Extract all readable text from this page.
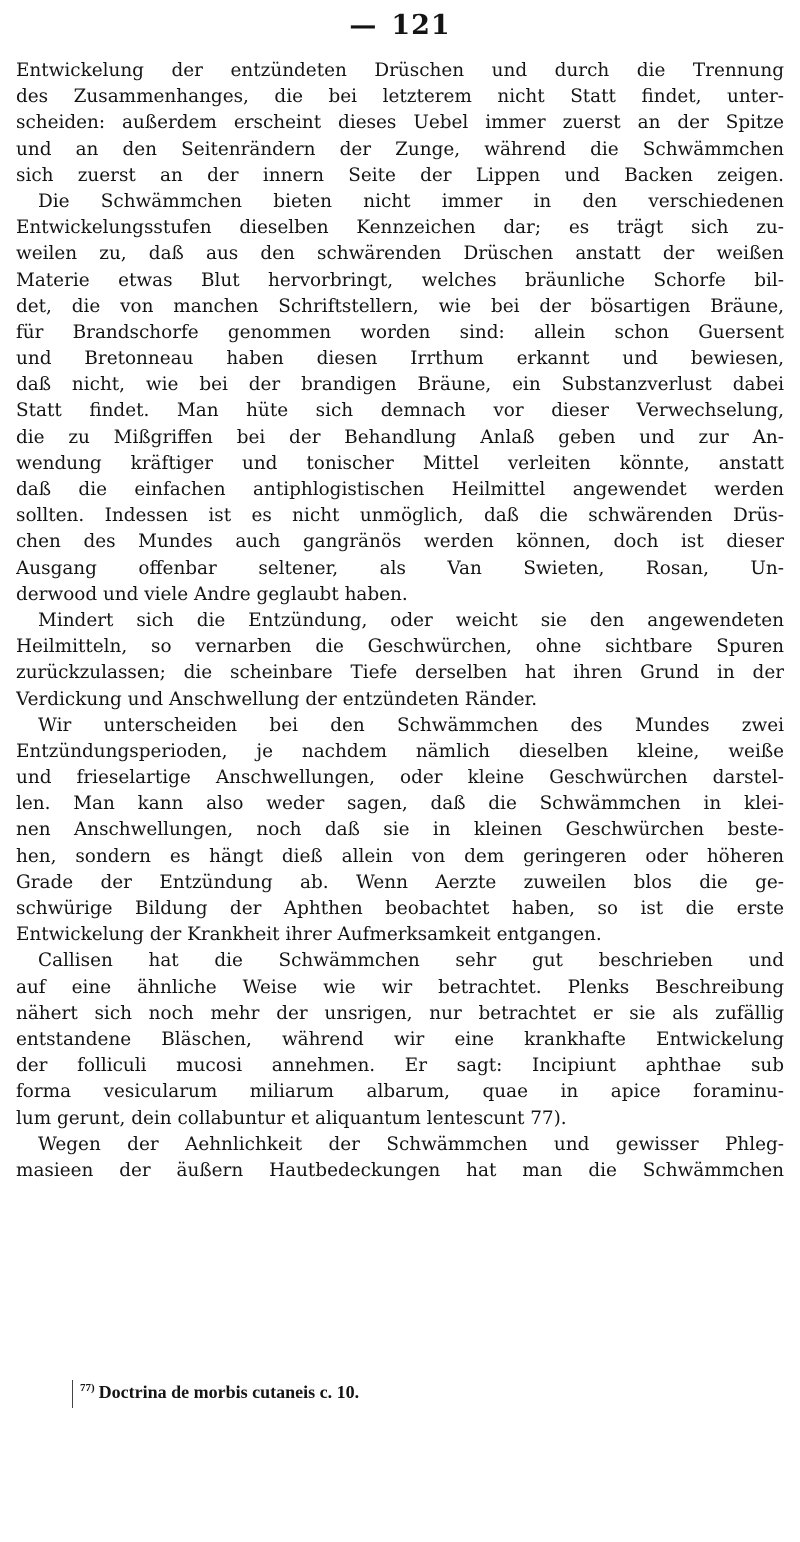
— 121
Entwickelung der entzündeten Drüschen und durch die Trennung
des Zusammenhanges, die bei letzterem nicht Statt findet, unter-
scheiden: außerdem erscheint dieses Uebel immer zuerst an der Spitze
und an den Seitenrändern der Zunge, während die Schwämmchen
sich zuerst an der innern Seite der Lippen und Backen zeigen.
Die Schwämmchen bieten nicht immer in den verschiedenen
Entwickelungsstufen dieselben Kennzeichen dar; es trägt sich zu-
weilen zu, daß aus den schwärenden Drüschen anstatt der weißen
Materie etwas Blut hervorbringt, welches bräunliche Schorfe bil-
det, die von manchen Schriftstellern, wie bei der bösartigen Bräune,
für Brandschorfe genommen worden sind: allein schon Guersent
und Bretonneau haben diesen Irrthum erkannt und bewiesen,
daß nicht, wie bei der brandigen Bräune, ein Substanzverlust dabei
Statt findet. Man hüte sich demnach vor dieser Verwechselung,
die zu Mißgriffen bei der Behandlung Anlaß geben und zur An-
wendung kräftiger und tonischer Mittel verleiten könnte, anstatt
daß die einfachen antiphlogistischen Heilmittel angewendet werden
sollten. Indessen ist es nicht unmöglich, daß die schwärenden Drüs-
chen des Mundes auch gangränös werden können, doch ist dieser
Ausgang offenbar seltener, als Van Swieten, Rosan, Un-
derwood und viele Andre geglaubt haben.
Mindert sich die Entzündung, oder weicht sie den angewendeten
Heilmitteln, so vernarben die Geschwürchen, ohne sichtbare Spuren
zurückzulassen; die scheinbare Tiefe derselben hat ihren Grund in der
Verdickung und Anschwellung der entzündeten Ränder.
Wir unterscheiden bei den Schwämmchen des Mundes zwei
Entzündungsperioden, je nachdem nämlich dieselben kleine, weiße
und frieselartige Anschwellungen, oder kleine Geschwürchen darstel-
len. Man kann also weder sagen, daß die Schwämmchen in klei-
nen Anschwellungen, noch daß sie in kleinen Geschwürchen beste-
hen, sondern es hängt dieß allein von dem geringeren oder höheren
Grade der Entzündung ab. Wenn Aerzte zuweilen blos die ge-
schwürige Bildung der Aphthen beobachtet haben, so ist die erste
Entwickelung der Krankheit ihrer Aufmerksamkeit entgangen.
Callisen hat die Schwämmchen sehr gut beschrieben und
auf eine ähnliche Weise wie wir betrachtet. Plenks Beschreibung
nähert sich noch mehr der unsrigen, nur betrachtet er sie als zufällig
entstandene Bläschen, während wir eine krankhafte Entwickelung
der folliculi mucosi annehmen. Er sagt: Incipiunt aphthae sub
forma vesicularum miliarum albarum, quae in apice foraminu-
lum gerunt, dein collabuntur et aliquantum lentescunt 77).
Wegen der Aehnlichkeit der Schwämmchen und gewisser Phleg-
masieen der äußern Hautbedeckungen hat man die Schwämmchen
$^{77)}$ Doctrina de morbis cutaneis c. 10.
